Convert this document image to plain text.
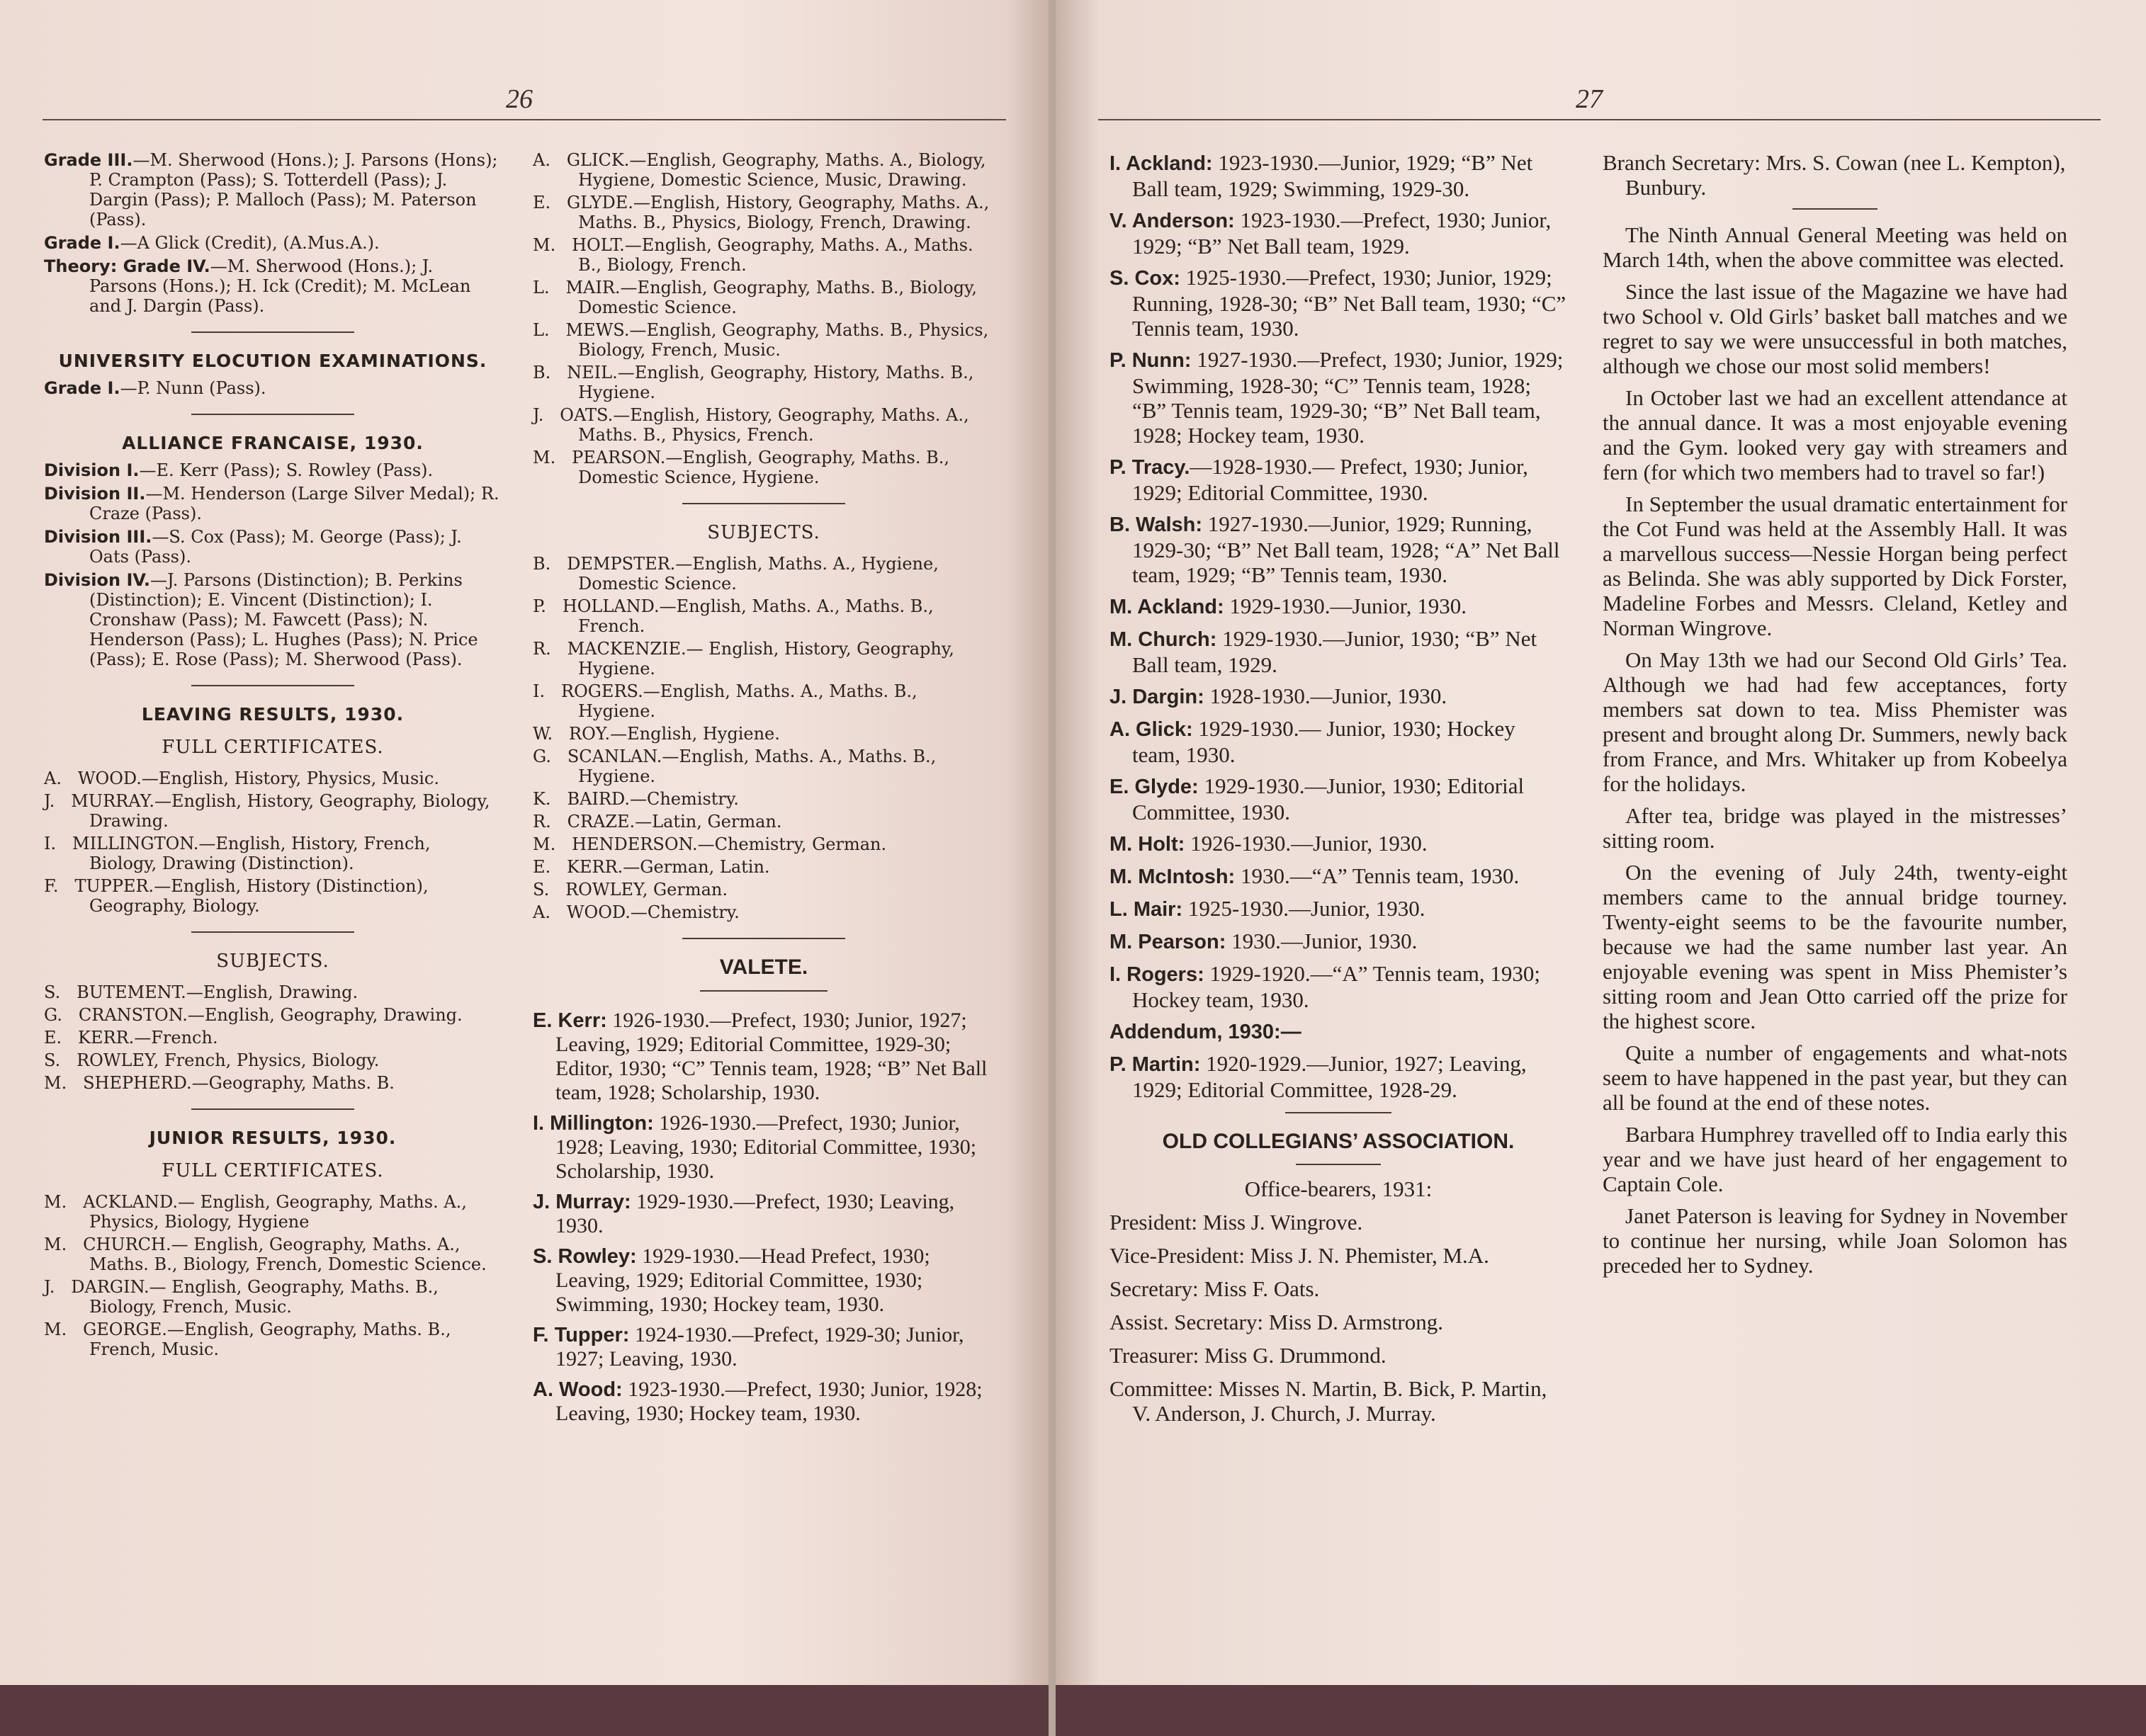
26

Grade III.—M. Sherwood (Hons.); J. Parsons (Hons); P. Crampton (Pass); S. Totterdell (Pass); J. Dargin (Pass); P. Malloch (Pass); M. Paterson (Pass).

Grade I.—A Glick (Credit), (A.Mus.A.).

Theory: Grade IV.—M. Sherwood (Hons.); J. Parsons (Hons.); H. Ick (Credit); M. McLean and J. Dargin (Pass).

UNIVERSITY ELOCUTION EXAMINATIONS.

Grade I.—P. Nunn (Pass).

ALLIANCE FRANCAISE, 1930.

Division I.—E. Kerr (Pass); S. Rowley (Pass).

Division II.—M. Henderson (Large Silver Medal); R. Craze (Pass).

Division III.—S. Cox (Pass); M. George (Pass); J. Oats (Pass).

Division IV.—J. Parsons (Distinction); B. Perkins (Distinction); E. Vincent (Distinction); I. Cronshaw (Pass); M. Fawcett (Pass); N. Henderson (Pass); L. Hughes (Pass); N. Price (Pass); E. Rose (Pass); M. Sherwood (Pass).

LEAVING RESULTS, 1930.

FULL CERTIFICATES.

A. WOOD.—English, History, Physics, Music.

J. MURRAY.—English, History, Geography, Biology, Drawing.

I. MILLINGTON.—English, History, French, Biology, Drawing (Distinction).

F. TUPPER.—English, History (Distinction), Geography, Biology.

SUBJECTS.

S. BUTEMENT.—English, Drawing.

G. CRANSTON.—English, Geography, Drawing.

E. KERR.—French.

S. ROWLEY, French, Physics, Biology.

M. SHEPHERD.—Geography, Maths. B.

JUNIOR RESULTS, 1930.

FULL CERTIFICATES.

M. ACKLAND.— English, Geography, Maths. A., Physics, Biology, Hygiene

M. CHURCH.— English, Geography, Maths. A., Maths. B., Biology, French, Domestic Science.

J. DARGIN.— English, Geography, Maths. B., Biology, French, Music.

M. GEORGE.—English, Geography, Maths. B., French, Music.

A. GLICK.—English, Geography, Maths. A., Biology, Hygiene, Domestic Science, Music, Drawing.

E. GLYDE.—English, History, Geography, Maths. A., Maths. B., Physics, Biology, French, Drawing.

M. HOLT.—English, Geography, Maths. A., Maths. B., Biology, French.

L. MAIR.—English, Geography, Maths. B., Biology, Domestic Science.

L. MEWS.—English, Geography, Maths. B., Physics, Biology, French, Music.

B. NEIL.—English, Geography, History, Maths. B., Hygiene.

J. OATS.—English, History, Geography, Maths. A., Maths. B., Physics, French.

M. PEARSON.—English, Geography, Maths. B., Domestic Science, Hygiene.

SUBJECTS.

B. DEMPSTER.—English, Maths. A., Hygiene, Domestic Science.

P. HOLLAND.—English, Maths. A., Maths. B., French.

R. MACKENZIE.— English, History, Geography, Hygiene.

I. ROGERS.—English, Maths. A., Maths. B., Hygiene.

W. ROY.—English, Hygiene.

G. SCANLAN.—English, Maths. A., Maths. B., Hygiene.

K. BAIRD.—Chemistry.

R. CRAZE.—Latin, German.

M. HENDERSON.—Chemistry, German.

E. KERR.—German, Latin.

S. ROWLEY, German.

A. WOOD.—Chemistry.

VALETE.

E. Kerr: 1926-1930.—Prefect, 1930; Junior, 1927; Leaving, 1929; Editorial Committee, 1929-30; Editor, 1930; “C” Tennis team, 1928; “B” Net Ball team, 1928; Scholarship, 1930.

I. Millington: 1926-1930.—Prefect, 1930; Junior, 1928; Leaving, 1930; Editorial Committee, 1930; Scholarship, 1930.

J. Murray: 1929-1930.—Prefect, 1930; Leaving, 1930.

S. Rowley: 1929-1930.—Head Prefect, 1930; Leaving, 1929; Editorial Committee, 1930; Swimming, 1930; Hockey team, 1930.

F. Tupper: 1924-1930.—Prefect, 1929-30; Junior, 1927; Leaving, 1930.

A. Wood: 1923-1930.—Prefect, 1930; Junior, 1928; Leaving, 1930; Hockey team, 1930.

27

I. Ackland: 1923-1930.—Junior, 1929; “B” Net Ball team, 1929; Swimming, 1929-30.

V. Anderson: 1923-1930.—Prefect, 1930; Junior, 1929; “B” Net Ball team, 1929.

S. Cox: 1925-1930.—Prefect, 1930; Junior, 1929; Running, 1928-30; “B” Net Ball team, 1930; “C” Tennis team, 1930.

P. Nunn: 1927-1930.—Prefect, 1930; Junior, 1929; Swimming, 1928-30; “C” Tennis team, 1928; “B” Tennis team, 1929-30; “B” Net Ball team, 1928; Hockey team, 1930.

P. Tracy.—1928-1930.— Prefect, 1930; Junior, 1929; Editorial Committee, 1930.

B. Walsh: 1927-1930.—Junior, 1929; Running, 1929-30; “B” Net Ball team, 1928; “A” Net Ball team, 1929; “B” Tennis team, 1930.

M. Ackland: 1929-1930.—Junior, 1930.

M. Church: 1929-1930.—Junior, 1930; “B” Net Ball team, 1929.

J. Dargin: 1928-1930.—Junior, 1930.

A. Glick: 1929-1930.— Junior, 1930; Hockey team, 1930.

E. Glyde: 1929-1930.—Junior, 1930; Editorial Committee, 1930.

M. Holt: 1926-1930.—Junior, 1930.

M. McIntosh: 1930.—“A” Tennis team, 1930.

L. Mair: 1925-1930.—Junior, 1930.

M. Pearson: 1930.—Junior, 1930.

I. Rogers: 1929-1920.—“A” Tennis team, 1930; Hockey team, 1930.

Addendum, 1930:—

P. Martin: 1920-1929.—Junior, 1927; Leaving, 1929; Editorial Committee, 1928-29.

OLD COLLEGIANS’ ASSOCIATION.

Office-bearers, 1931:

President: Miss J. Wingrove.

Vice-President: Miss J. N. Phemister, M.A.

Secretary: Miss F. Oats.

Assist. Secretary: Miss D. Armstrong.

Treasurer: Miss G. Drummond.

Committee: Misses N. Martin, B. Bick, P. Martin, V. Anderson, J. Church, J. Murray.

Branch Secretary: Mrs. S. Cowan (nee L. Kempton), Bunbury.

The Ninth Annual General Meeting was held on March 14th, when the above committee was elected.

Since the last issue of the Magazine we have had two School v. Old Girls’ basket ball matches and we regret to say we were unsuccessful in both matches, although we chose our most solid members!

In October last we had an excellent attendance at the annual dance. It was a most enjoyable evening and the Gym. looked very gay with streamers and fern (for which two members had to travel so far!)

In September the usual dramatic entertainment for the Cot Fund was held at the Assembly Hall. It was a marvellous success—Nessie Horgan being perfect as Belinda. She was ably supported by Dick Forster, Madeline Forbes and Messrs. Cleland, Ketley and Norman Wingrove.

On May 13th we had our Second Old Girls’ Tea. Although we had had few acceptances, forty members sat down to tea. Miss Phemister was present and brought along Dr. Summers, newly back from France, and Mrs. Whitaker up from Kobeelya for the holidays.

After tea, bridge was played in the mistresses’ sitting room.

On the evening of July 24th, twenty-eight members came to the annual bridge tourney. Twenty-eight seems to be the favourite number, because we had the same number last year. An enjoyable evening was spent in Miss Phemister’s sitting room and Jean Otto carried off the prize for the highest score.

Quite a number of engagements and what-nots seem to have happened in the past year, but they can all be found at the end of these notes.

Barbara Humphrey travelled off to India early this year and we have just heard of her engagement to Captain Cole.

Janet Paterson is leaving for Sydney in November to continue her nursing, while Joan Solomon has preceded her to Sydney.
